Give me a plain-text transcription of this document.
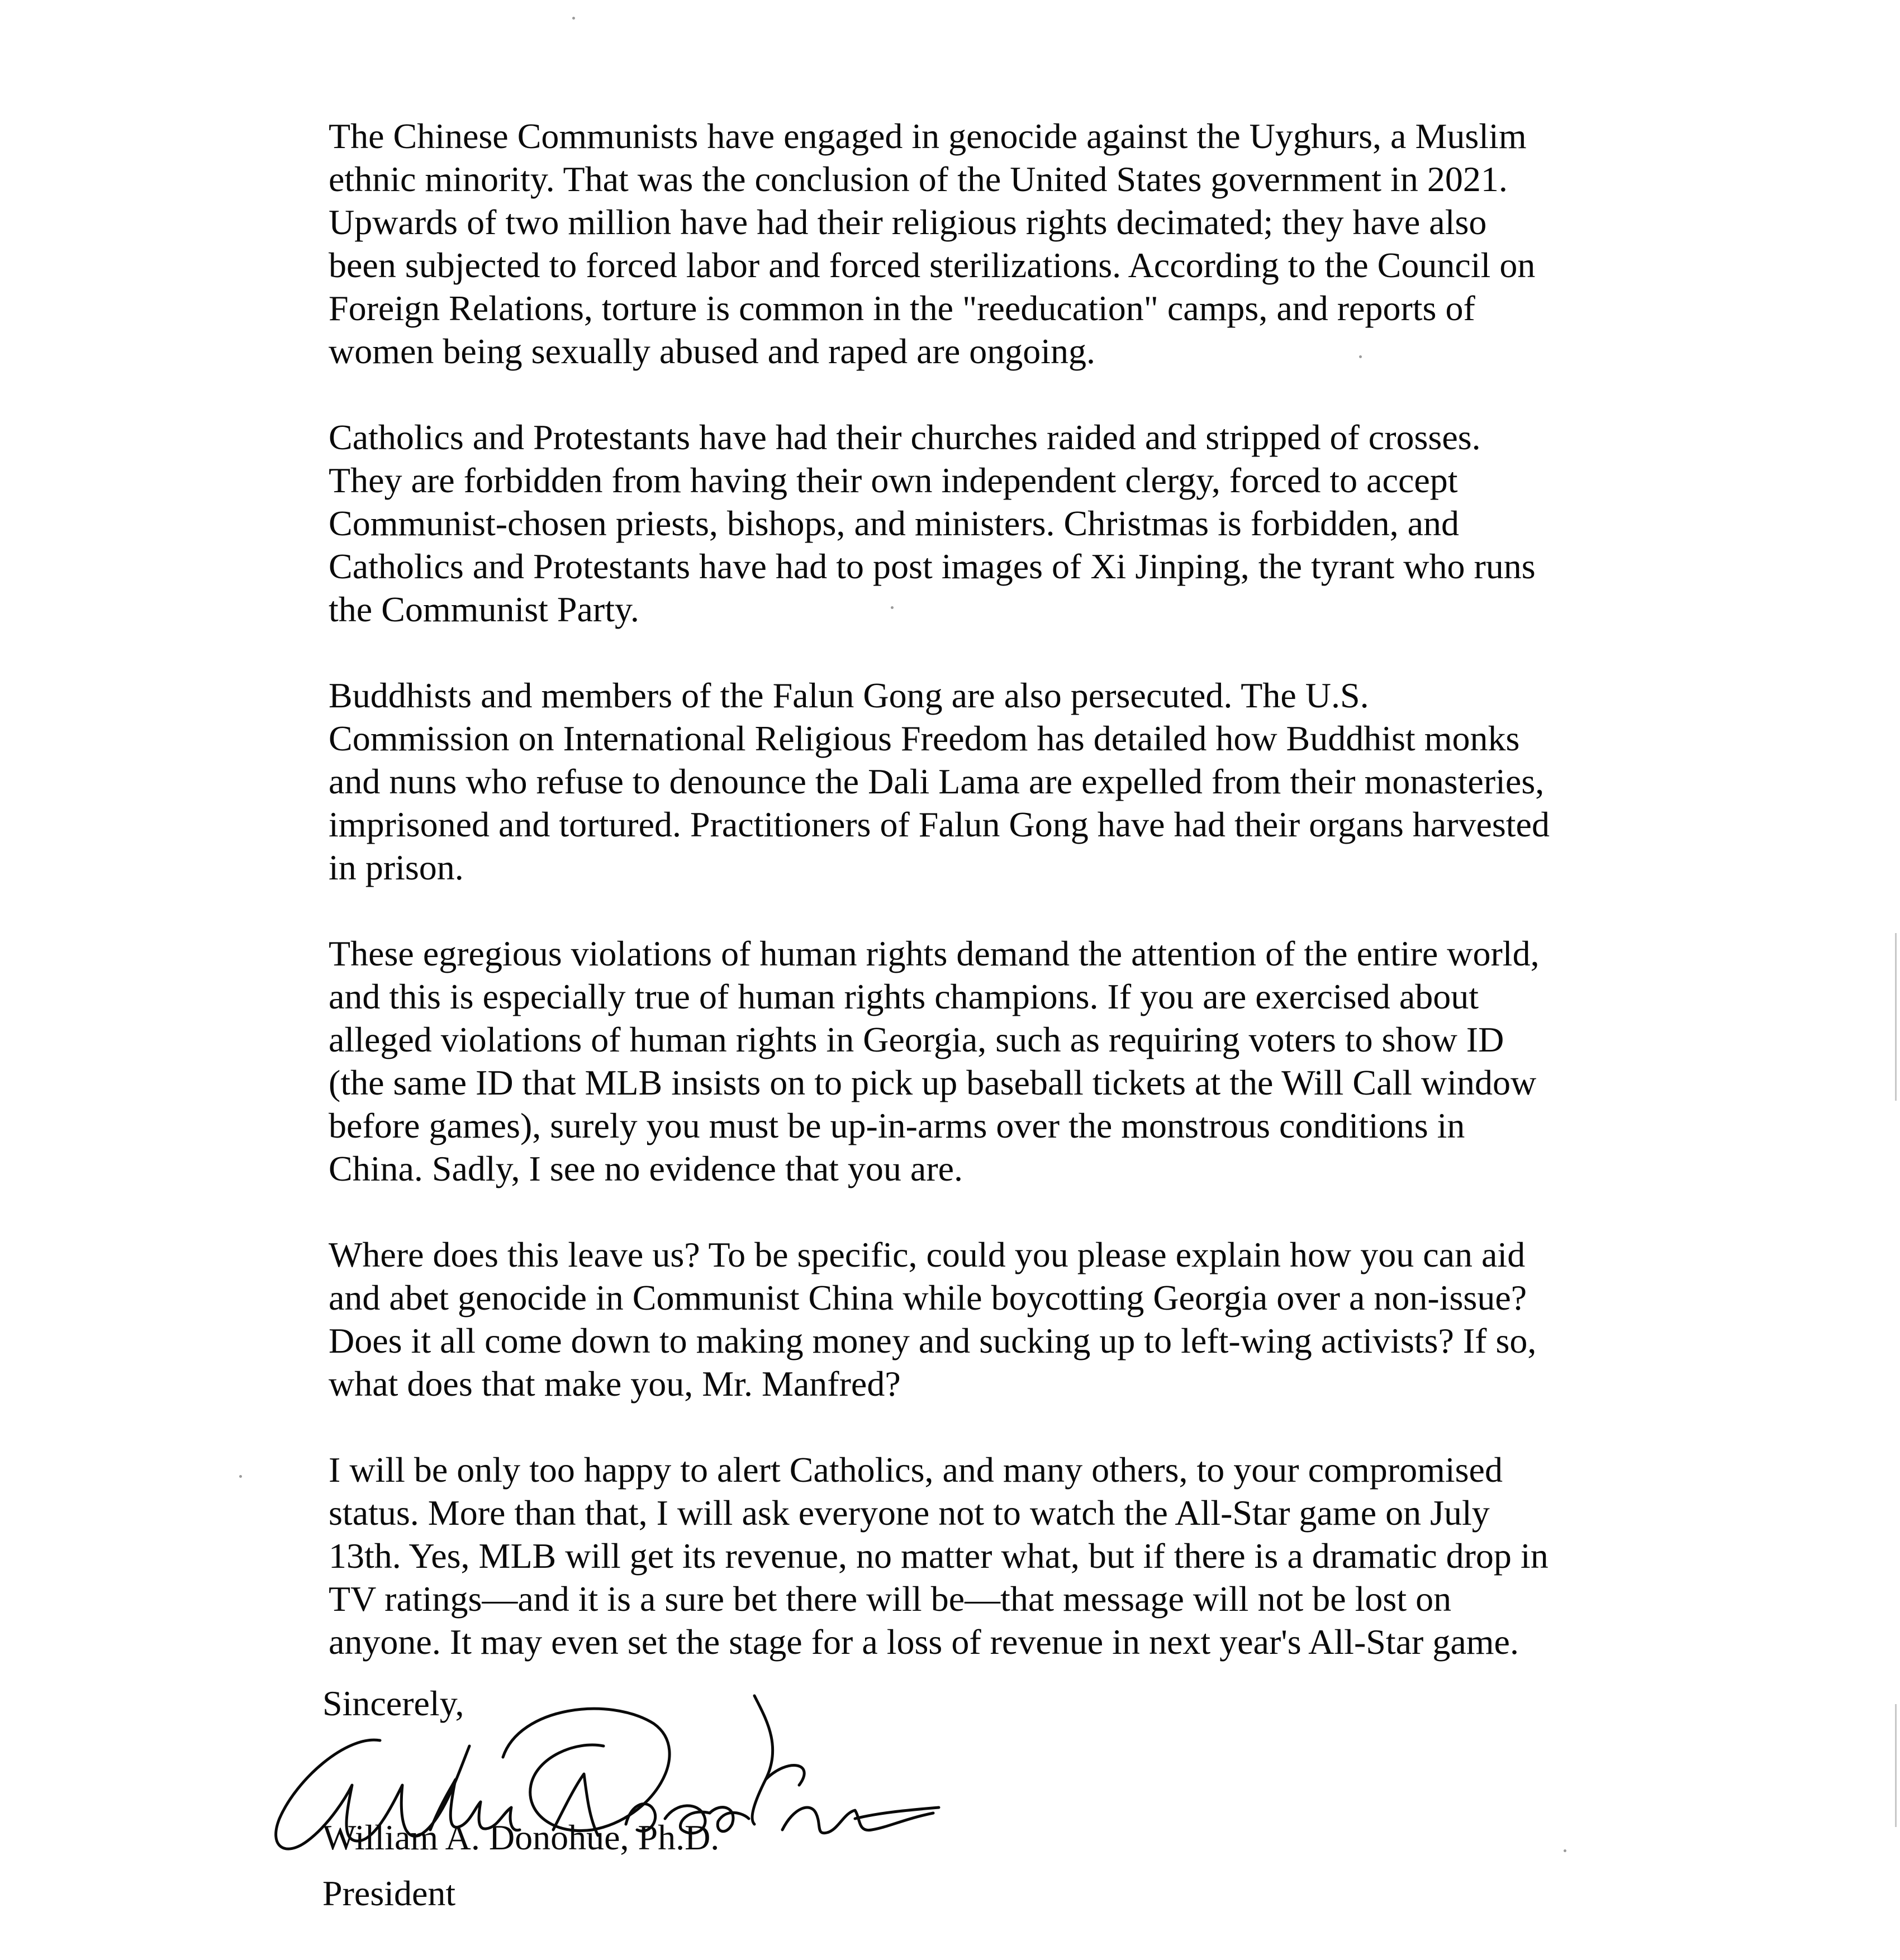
The Chinese Communists have engaged in genocide against the Uyghurs, a Muslim
ethnic minority. That was the conclusion of the United States government in 2021.
Upwards of two million have had their religious rights decimated; they have also
been subjected to forced labor and forced sterilizations. According to the Council on
Foreign Relations, torture is common in the "reeducation" camps, and reports of
women being sexually abused and raped are ongoing.

Catholics and Protestants have had their churches raided and stripped of crosses.
They are forbidden from having their own independent clergy, forced to accept
Communist-chosen priests, bishops, and ministers. Christmas is forbidden, and
Catholics and Protestants have had to post images of Xi Jinping, the tyrant who runs
the Communist Party.

Buddhists and members of the Falun Gong are also persecuted. The U.S.
Commission on International Religious Freedom has detailed how Buddhist monks
and nuns who refuse to denounce the Dali Lama are expelled from their monasteries,
imprisoned and tortured. Practitioners of Falun Gong have had their organs harvested
in prison.

These egregious violations of human rights demand the attention of the entire world,
and this is especially true of human rights champions. If you are exercised about
alleged violations of human rights in Georgia, such as requiring voters to show ID
(the same ID that MLB insists on to pick up baseball tickets at the Will Call window
before games), surely you must be up-in-arms over the monstrous conditions in
China. Sadly, I see no evidence that you are.

Where does this leave us? To be specific, could you please explain how you can aid
and abet genocide in Communist China while boycotting Georgia over a non-issue?
Does it all come down to making money and sucking up to left-wing activists? If so,
what does that make you, Mr. Manfred?

I will be only too happy to alert Catholics, and many others, to your compromised
status. More than that, I will ask everyone not to watch the All-Star game on July
13th. Yes, MLB will get its revenue, no matter what, but if there is a dramatic drop in
TV ratings—and it is a sure bet there will be—that message will not be lost on
anyone. It may even set the stage for a loss of revenue in next year's All-Star game.

Sincerely,
William A. Donohue, Ph.D.
President
